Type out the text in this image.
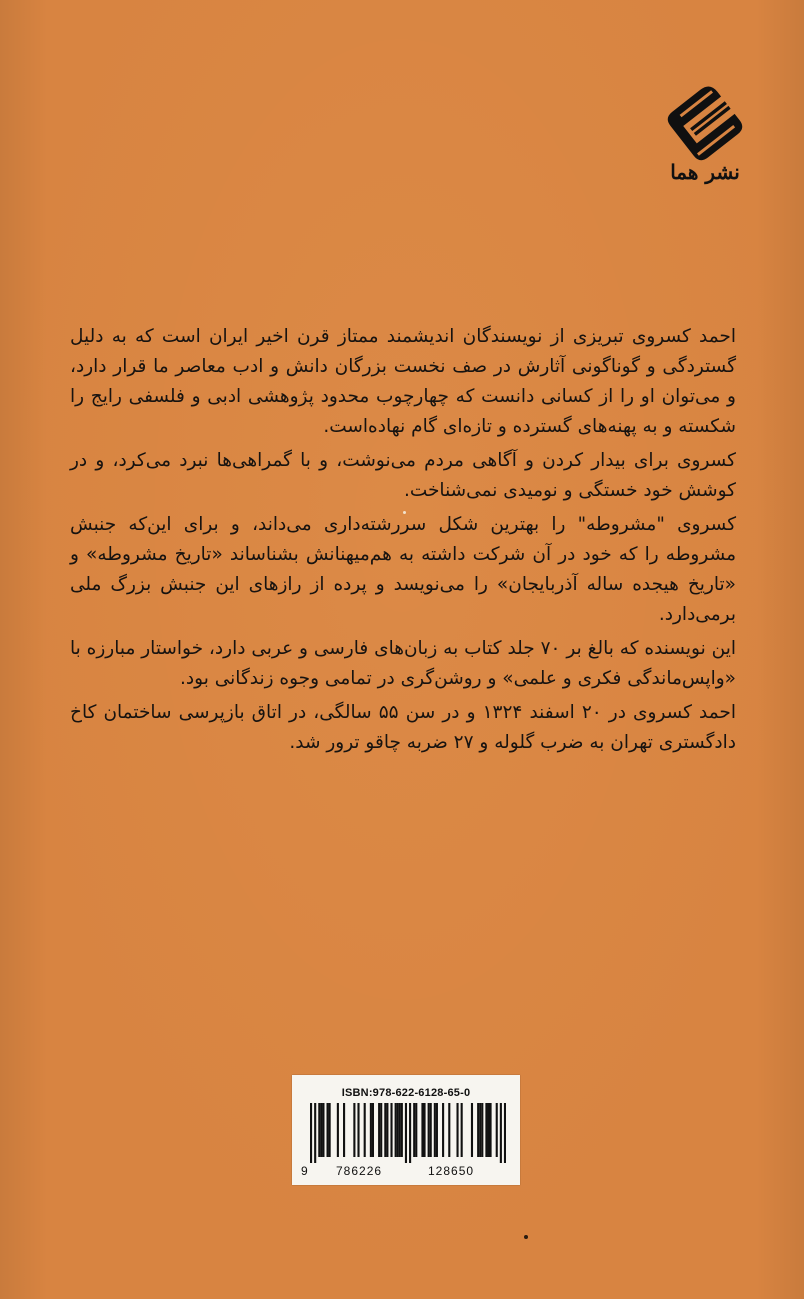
نشر هما

احمد کسروی تبریزی از نویسندگان اندیشمند ممتاز قرن اخیر ایران است که به دلیل گستردگی و گوناگونی آثارش در صف نخست بزرگان دانش و ادب معاصر ما قرار دارد، و می‌توان او را از کسانی دانست که چهارچوب محدود پژوهشی ادبی و فلسفی رایج را شکسته و به پهنه‌های گسترده و تازه‌ای گام نهاده‌است.

کسروی برای بیدار کردن و آگاهی مردم می‌نوشت، و با گمراهی‌ها نبرد می‌کرد، و در کوشش خود خستگی و نومیدی نمی‌شناخت.

کسروی "مشروطه" را بهترین شکل سررشته‌داری می‌داند، و برای این‌که جنبش مشروطه را که خود در آن شرکت داشته به هم‌میهنانش بشناساند «تاریخ مشروطه» و «تاریخ هیجده ساله آذربایجان» را می‌نویسد و پرده از رازهای این جنبش بزرگ ملی برمی‌دارد.

این نویسنده که بالغ بر ۷۰ جلد کتاب به زبان‌های فارسی و عربی دارد، خواستار مبارزه با «واپس‌ماندگی فکری و علمی» و روشن‌گری در تمامی وجوه زندگانی بود.

احمد کسروی در ۲۰ اسفند ۱۳۲۴ و در سن ۵۵ سالگی، در اتاق بازپرسی ساختمان کاخ دادگستری تهران به ضرب گلوله و ۲۷ ضربه چاقو ترور شد.

ISBN:978-622-6128-65-0
9 786226	128650
